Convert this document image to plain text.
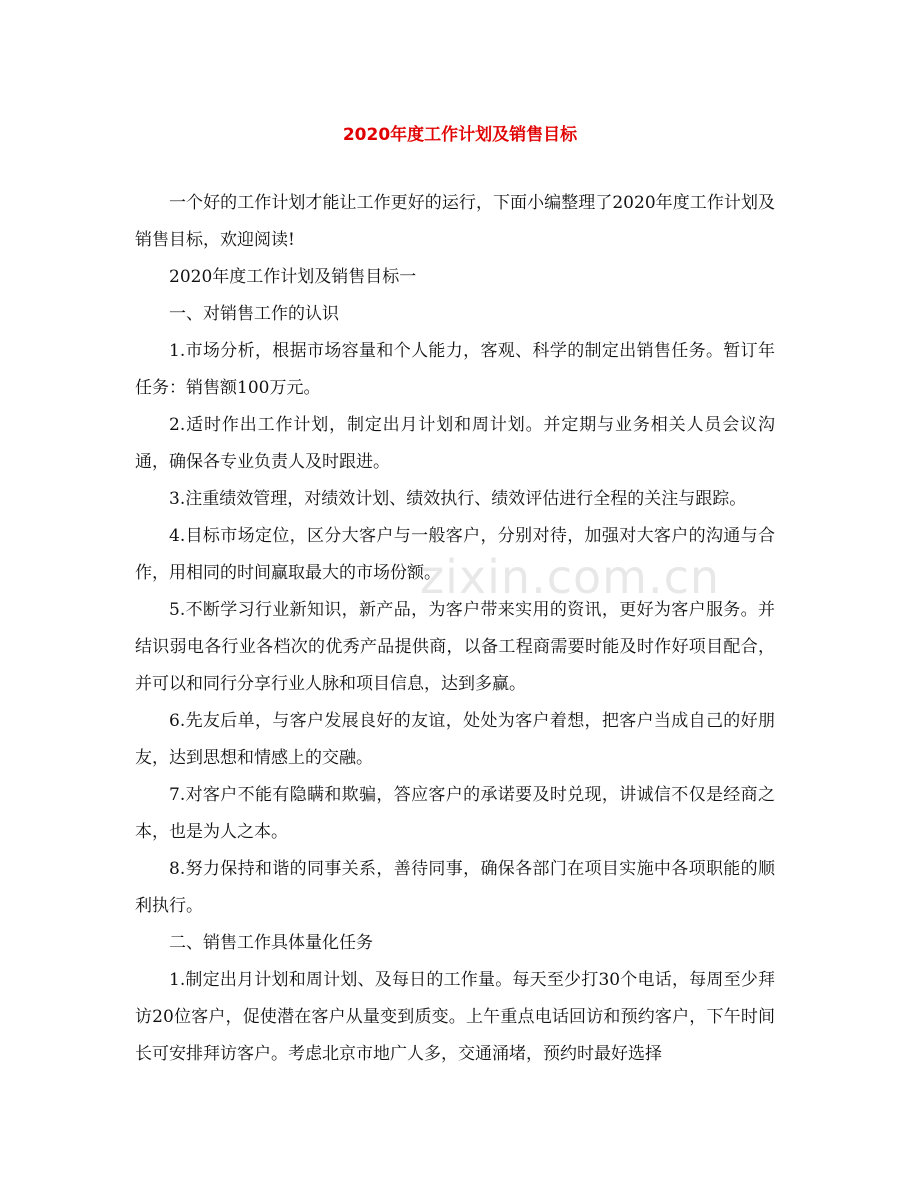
2020年度工作计划及销售目标

一个好的工作计划才能让工作更好的运行，下面小编整理了2020年度工作计划及销售目标，欢迎阅读!

2020年度工作计划及销售目标一

一、对销售工作的认识

1.市场分析，根据市场容量和个人能力，客观、科学的制定出销售任务。暂订年任务：销售额100万元。

2.适时作出工作计划，制定出月计划和周计划。并定期与业务相关人员会议沟通，确保各专业负责人及时跟进。

3.注重绩效管理，对绩效计划、绩效执行、绩效评估进行全程的关注与跟踪。

4.目标市场定位，区分大客户与一般客户，分别对待，加强对大客户的沟通与合作，用相同的时间赢取最大的市场份额。

5.不断学习行业新知识，新产品，为客户带来实用的资讯，更好为客户服务。并结识弱电各行业各档次的优秀产品提供商，以备工程商需要时能及时作好项目配合，并可以和同行分享行业人脉和项目信息，达到多赢。

6.先友后单，与客户发展良好的友谊，处处为客户着想，把客户当成自己的好朋友，达到思想和情感上的交融。

7.对客户不能有隐瞒和欺骗，答应客户的承诺要及时兑现，讲诚信不仅是经商之本，也是为人之本。

8.努力保持和谐的同事关系，善待同事，确保各部门在项目实施中各项职能的顺利执行。

二、销售工作具体量化任务

1.制定出月计划和周计划、及每日的工作量。每天至少打30个电话，每周至少拜访20位客户，促使潜在客户从量变到质变。上午重点电话回访和预约客户，下午时间长可安排拜访客户。考虑北京市地广人多，交通涌堵，预约时最好选择

zixin.com.cn
